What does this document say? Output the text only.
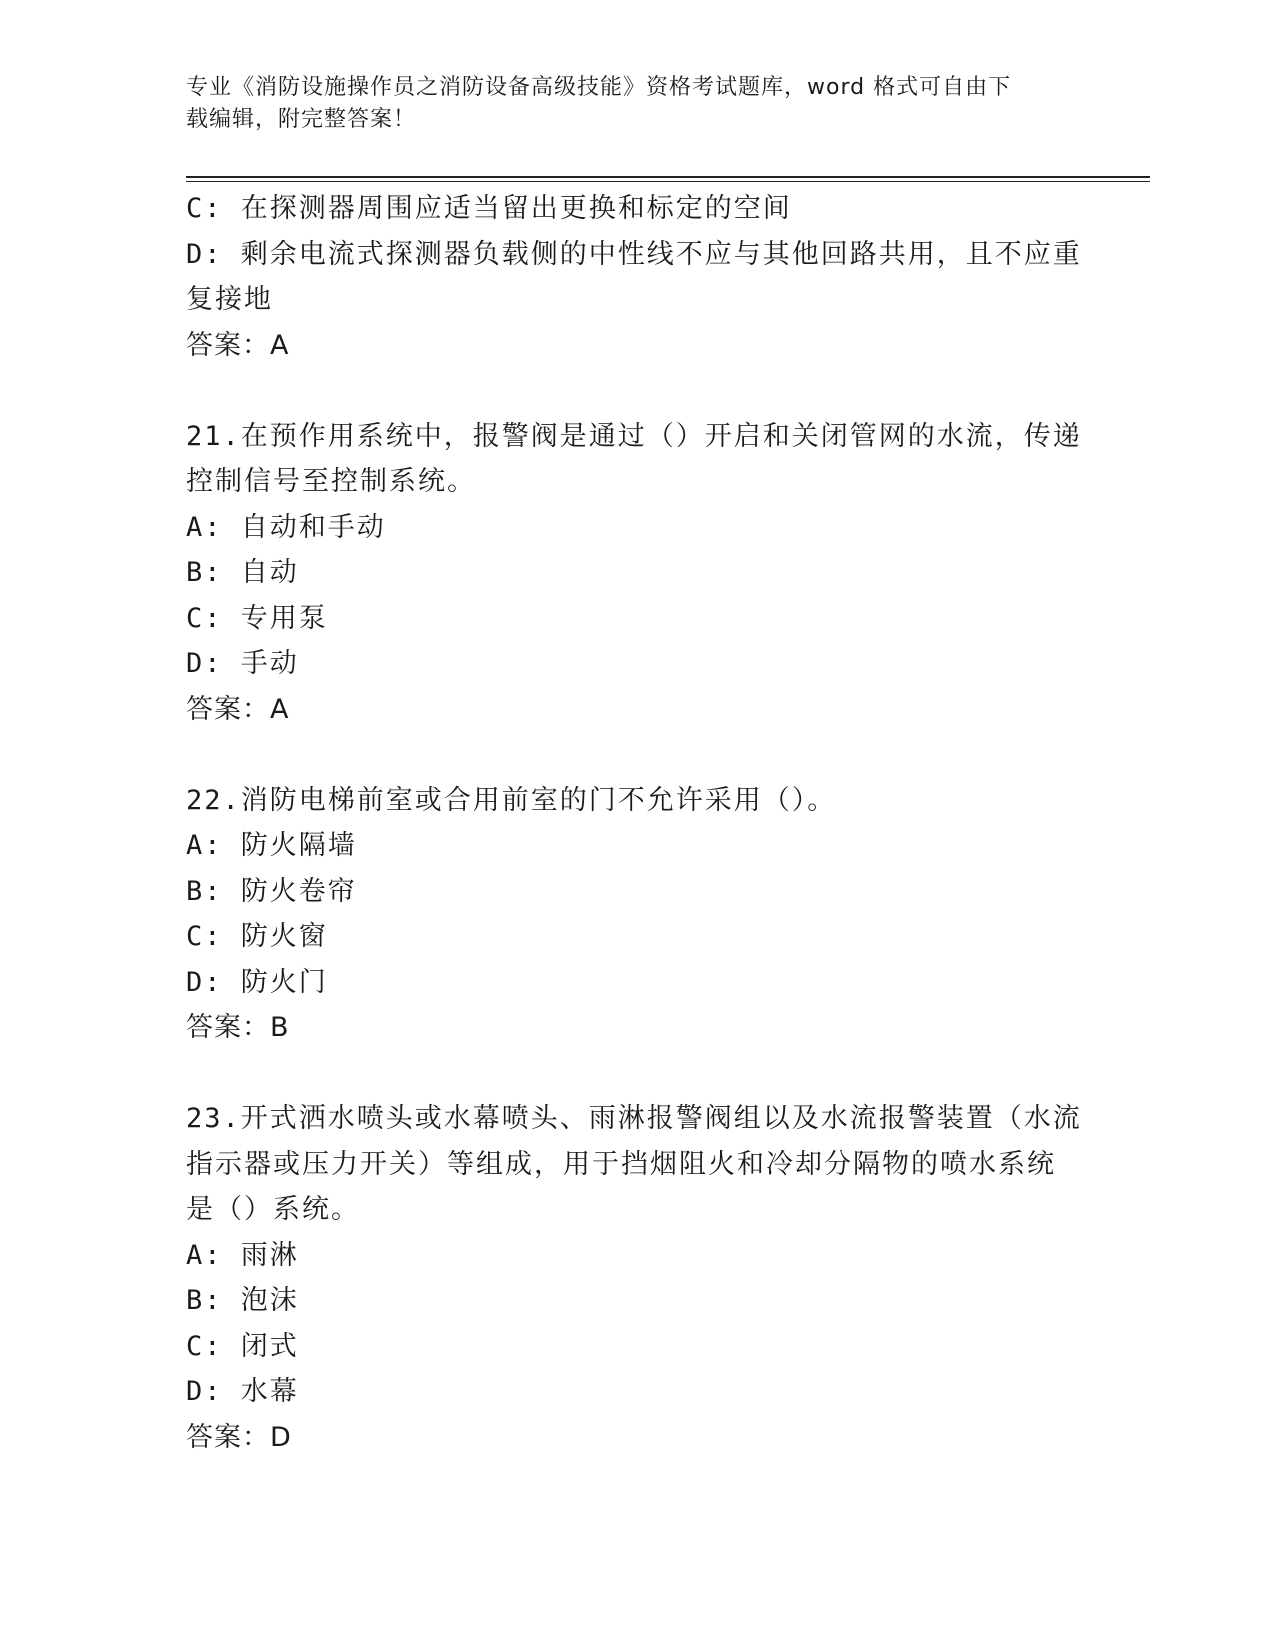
专业《消防设施操作员之消防设备高级技能》资格考试题库，word 格式可自由下
载编辑，附完整答案！
C: 在探测器周围应适当留出更换和标定的空间
D: 剩余电流式探测器负载侧的中性线不应与其他回路共用，且不应重
复接地
答案：A
21.在预作用系统中，报警阀是通过（）开启和关闭管网的水流，传递
控制信号至控制系统。
A: 自动和手动
B: 自动
C: 专用泵
D: 手动
答案：A
22.消防电梯前室或合用前室的门不允许采用（）。
A: 防火隔墙
B: 防火卷帘
C: 防火窗
D: 防火门
答案：B
23.开式洒水喷头或水幕喷头、雨淋报警阀组以及水流报警装置（水流
指示器或压力开关）等组成，用于挡烟阻火和冷却分隔物的喷水系统
是（）系统。
A: 雨淋
B: 泡沫
C: 闭式
D: 水幕
答案：D
